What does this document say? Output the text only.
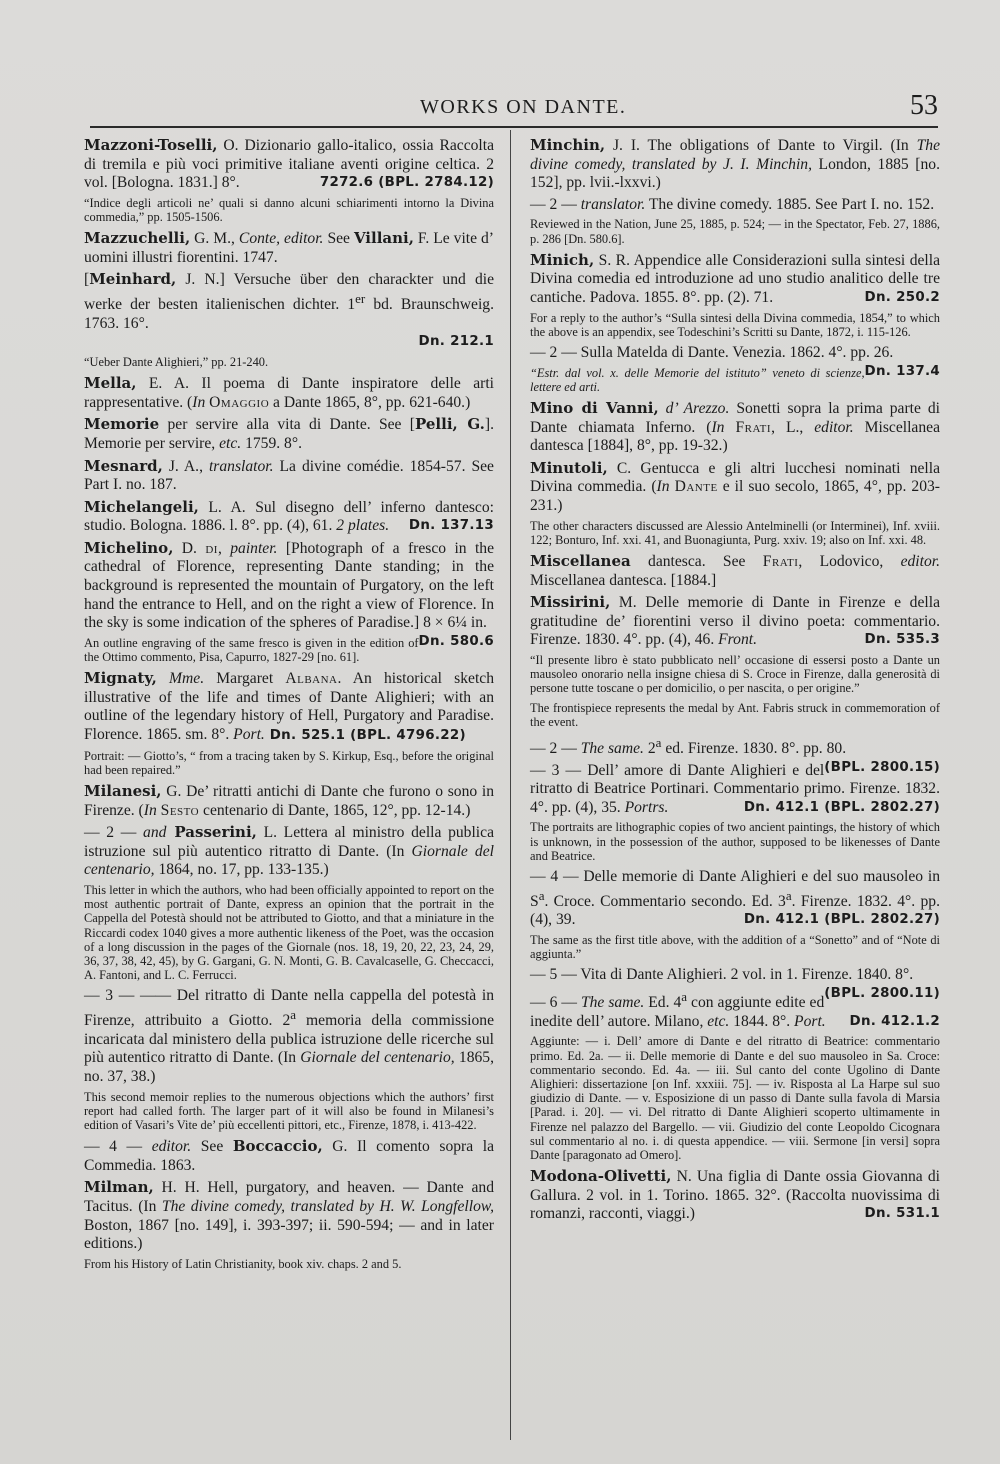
WORKS ON DANTE.	53

Mazzoni-Toselli, O. Dizionario gallo-italico, ossia Raccolta di tremila e più voci primitive italiane aventi origine celtica. 2 vol. [Bologna. 1831.] 8°.	7272.6 (BPL. 2784.12)

“Indice degli articoli ne’ quali si danno alcuni schiarimenti intorno la Divina commedia,” pp. 1505-1506.

Mazzuchelli, G. M., Conte, editor. See Villani, F. Le vite d’ uomini illustri fiorentini. 1747.

[Meinhard, J. N.] Versuche über den charackter und die werke der besten italienischen dichter. 1er bd. Braunschweig. 1763. 16°.

Dn. 212.1

“Ueber Dante Alighieri,” pp. 21-240.

Mella, E. A. Il poema di Dante inspiratore delle arti rappresentative. (In Omaggio a Dante 1865, 8°, pp. 621-640.)

Memorie per servire alla vita di Dante. See [Pelli, G.]. Memorie per servire, etc. 1759. 8°.

Mesnard, J. A., translator. La divine comédie. 1854-57. See Part I. no. 187.

Michelangeli, L. A. Sul disegno dell’ inferno dantesco: studio. Bologna. 1886. l. 8°. pp. (4), 61. 2 plates. Dn. 137.13

Michelino, D. di, painter. [Photograph of a fresco in the cathedral of Florence, representing Dante standing; in the background is represented the mountain of Purgatory, on the left hand the entrance to Hell, and on the right a view of Florence. In the sky is some indication of the spheres of Paradise.] 8 × 6¼ in.
Dn. 580.6

An outline engraving of the same fresco is given in the edition of the Ottimo commento, Pisa, Capurro, 1827-29 [no. 61].

Mignaty, Mme. Margaret Albana. An historical sketch illustrative of the life and times of Dante Alighieri; with an outline of the legendary history of Hell, Purgatory and Paradise. Florence. 1865. sm. 8°. Port. Dn. 525.1 (BPL. 4796.22)

Portrait: — Giotto’s, “ from a tracing taken by S. Kirkup, Esq., before the original had been repaired.”

Milanesi, G. De’ ritratti antichi di Dante che furono o sono in Firenze. (In Sesto centenario di Dante, 1865, 12°, pp. 12-14.)

— 2 — and Passerini, L. Lettera al ministro della publica istruzione sul più autentico ritratto di Dante. (In Giornale del centenario, 1864, no. 17, pp. 133-135.)

This letter in which the authors, who had been officially appointed to report on the most authentic portrait of Dante, express an opinion that the portrait in the Cappella del Potestà should not be attributed to Giotto, and that a miniature in the Riccardi codex 1040 gives a more authentic likeness of the Poet, was the occasion of a long discussion in the pages of the Giornale (nos. 18, 19, 20, 22, 23, 24, 29, 36, 37, 38, 42, 45), by G. Gargani, G. N. Monti, G. B. Cavalcaselle, G. Checcacci, A. Fantoni, and L. C. Ferrucci.

— 3 — —— Del ritratto di Dante nella cappella del potestà in Firenze, attribuito a Giotto. 2$^a$ memoria della commissione incaricata dal ministero della publica istruzione delle ricerche sul più autentico ritratto di Dante. (In Giornale del centenario, 1865, no. 37, 38.)

This second memoir replies to the numerous objections which the authors’ first report had called forth. The larger part of it will also be found in Milanesi’s edition of Vasari’s Vite de’ più eccellenti pittori, etc., Firenze, 1878, i. 413-422.

— 4 — editor. See Boccaccio, G. Il comento sopra la Commedia. 1863.

Milman, H. H. Hell, purgatory, and heaven. — Dante and Tacitus. (In The divine comedy, translated by H. W. Longfellow, Boston, 1867 [no. 149], i. 393-397; ii. 590-594; — and in later editions.)

From his History of Latin Christianity, book xiv. chaps. 2 and 5.

Minchin, J. I. The obligations of Dante to Virgil. (In The divine comedy, translated by J. I. Minchin, London, 1885 [no. 152], pp. lvii.-lxxvi.)

— 2 — translator. The divine comedy. 1885. See Part I. no. 152.

Reviewed in the Nation, June 25, 1885, p. 524; — in the Spectator, Feb. 27, 1886, p. 286 [Dn. 580.6].

Minich, S. R. Appendice alle Considerazioni sulla sintesi della Divina comedia ed introduzione ad uno studio analitico delle tre cantiche. Padova. 1855. 8°. pp. (2). 71.	Dn. 250.2

For a reply to the author’s “Sulla sintesi della Divina commedia, 1854,” to which the above is an appendix, see Todeschini’s Scritti su Dante, 1872, i. 115-126.

— 2 — Sulla Matelda di Dante. Venezia. 1862. 4°. pp. 26.
Dn. 137.4

“Estr. dal vol. x. delle Memorie del istituto” veneto di scienze, lettere ed arti.

Mino di Vanni, d’ Arezzo. Sonetti sopra la prima parte di Dante chiamata Inferno. (In Frati, L., editor. Miscellanea dantesca [1884], 8°, pp. 19-32.)

Minutoli, C. Gentucca e gli altri lucchesi nominati nella Divina commedia. (In Dante e il suo secolo, 1865, 4°, pp. 203-231.)

The other characters discussed are Alessio Antelminelli (or Interminei), Inf. xviii. 122; Bonturo, Inf. xxi. 41, and Buonagiunta, Purg. xxiv. 19; also on Inf. xxi. 48.

Miscellanea dantesca. See Frati, Lodovico, editor. Miscellanea dantesca. [1884.]

Missirini, M. Delle memorie di Dante in Firenze e della gratitudine de’ fiorentini verso il divino poeta: commentario. Firenze. 1830. 4°. pp. (4), 46. Front.	Dn. 535.3

“Il presente libro è stato pubblicato nell’ occasione di essersi posto a Dante un mausoleo onorario nella insigne chiesa di S. Croce in Firenze, dalla generosità di persone tutte toscane o per domicilio, o per nascita, o per origine.”

The frontispiece represents the medal by Ant. Fabris struck in commemoration of the event.

— 2 — The same. 2$^a$ ed. Firenze. 1830. 8°. pp. 80.
(BPL. 2800.15)

— 3 — Dell’ amore di Dante Alighieri e del ritratto di Beatrice Portinari. Commentario primo. Firenze. 1832. 4°. pp. (4), 35. Portrs.	Dn. 412.1 (BPL. 2802.27)

The portraits are lithographic copies of two ancient paintings, the history of which is unknown, in the possession of the author, supposed to be likenesses of Dante and Beatrice.

— 4 — Delle memorie di Dante Alighieri e del suo mausoleo in $S^a$. Croce. Commentario secondo. Ed. 3$^a$. Firenze. 1832. 4°. pp. (4), 39.	Dn. 412.1 (BPL. 2802.27)

The same as the first title above, with the addition of a “Sonetto” and of “Note di aggiunta.”

— 5 — Vita di Dante Alighieri. 2 vol. in 1. Firenze. 1840. 8°.
(BPL. 2800.11)

— 6 — The same. Ed. 4$^a$ con aggiunte edite ed inedite dell’ autore. Milano, etc. 1844. 8°. Port. Dn. 412.1.2

Aggiunte: — i. Dell’ amore di Dante e del ritratto di Beatrice: commentario primo. Ed. 2a. — ii. Delle memorie di Dante e del suo mausoleo in Sa. Croce: commentario secondo. Ed. 4a. — iii. Sul canto del conte Ugolino di Dante Alighieri: dissertazione [on Inf. xxxiii. 75]. — iv. Risposta al La Harpe sul suo giudizio di Dante. — v. Esposizione di un passo di Dante sulla favola di Marsia [Parad. i. 20]. — vi. Del ritratto di Dante Alighieri scoperto ultimamente in Firenze nel palazzo del Bargello. — vii. Giudizio del conte Leopoldo Cicognara sul commentario al no. i. di questa appendice. — viii. Sermone [in versi] sopra Dante [paragonato ad Omero].

Modona-Olivetti, N. Una figlia di Dante ossia Giovanna di Gallura. 2 vol. in 1. Torino. 1865. 32°. (Raccolta nuovissima di romanzi, racconti, viaggi.)	Dn. 531.1
